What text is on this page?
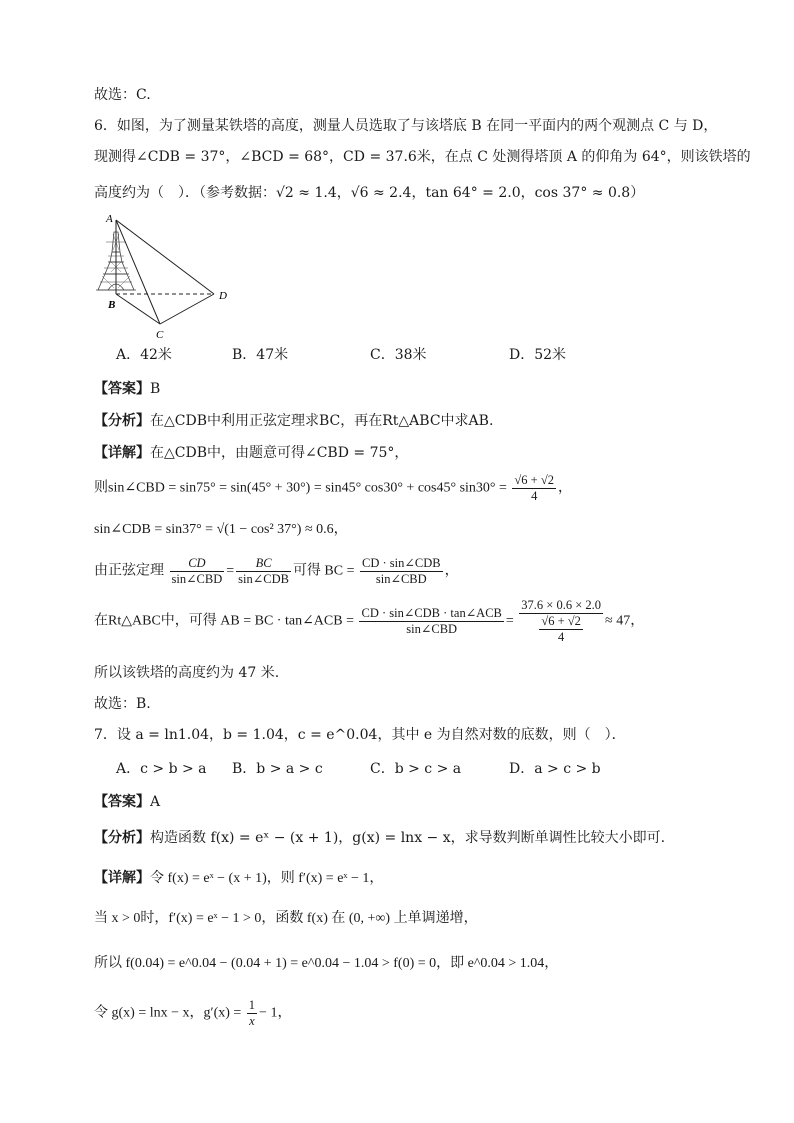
故选：C.
6．如图，为了测量某铁塔的高度，测量人员选取了与该塔底 B 在同一平面内的两个观测点 C 与 D，
现测得∠CDB = 37°，∠BCD = 68°，CD = 37.6米，在点 C 处测得塔顶 A 的仰角为 64°，则该铁塔的
高度约为（　）．（参考数据：√2 ≈ 1.4，√6 ≈ 2.4，tan 64° = 2.0，cos 37° ≈ 0.8）
A
B
C
D
A．42米	B．47米	C．38米	D．52米
【答案】B
【分析】在△CDB中利用正弦定理求BC，再在Rt△ABC中求AB.
【详解】在△CDB中，由题意可得∠CBD = 75°，
则sin∠CBD = sin75° = sin(45° + 30°) = sin45° cos30° + cos45° $\sin 30^\circ = \frac{√6 + √2}{4}$ ，
sin∠CDB = sin37° = √(1 − cos² 37°) ≈ 0.6，
由正弦定理 $\frac{CD}{\text{sin∠CBD}} = \frac{BC}{\text{sin∠CDB}}$ 可得 BC = $\frac{\text{CD · sin∠CDB}}{\text{sin∠CBD}}$ ，
在Rt△ABC中，可得 AB = BC · tan∠ACB = $\frac{\text{CD · sin∠CDB · tan∠ACB}}{\text{sin∠CBD}} = \frac{37.6 \times 0.6 \times 2.0}{\frac{√6 + √2}{4}} \approx 47$，
所以该铁塔的高度约为 47 米.
故选：B.
7．设 a = ln1.04，b = 1.04，c = e^0.04，其中 e 为自然对数的底数，则（　）．
A．c > b > a B．b > a > c	C．b > c > a	D．a > c > b
【答案】A
【分析】构造函数 f(x) = eˣ − (x + 1)，g(x) = lnx − x，求导数判断单调性比较大小即可.
【详解】令 f(x) = eˣ − (x + 1)，则 f′(x) = eˣ − 1，
当 x > 0时，f′(x) = eˣ − 1 > 0，函数 f(x) 在 (0, +∞) 上单调递增，
所以 f(0.04) = e^0.04 − (0.04 + 1) = e^0.04 − 1.04 > f(0) = 0，即 e^0.04 > 1.04，
令 g(x) = lnx − x，$g'(x) = \frac{1}{x} - 1$，
